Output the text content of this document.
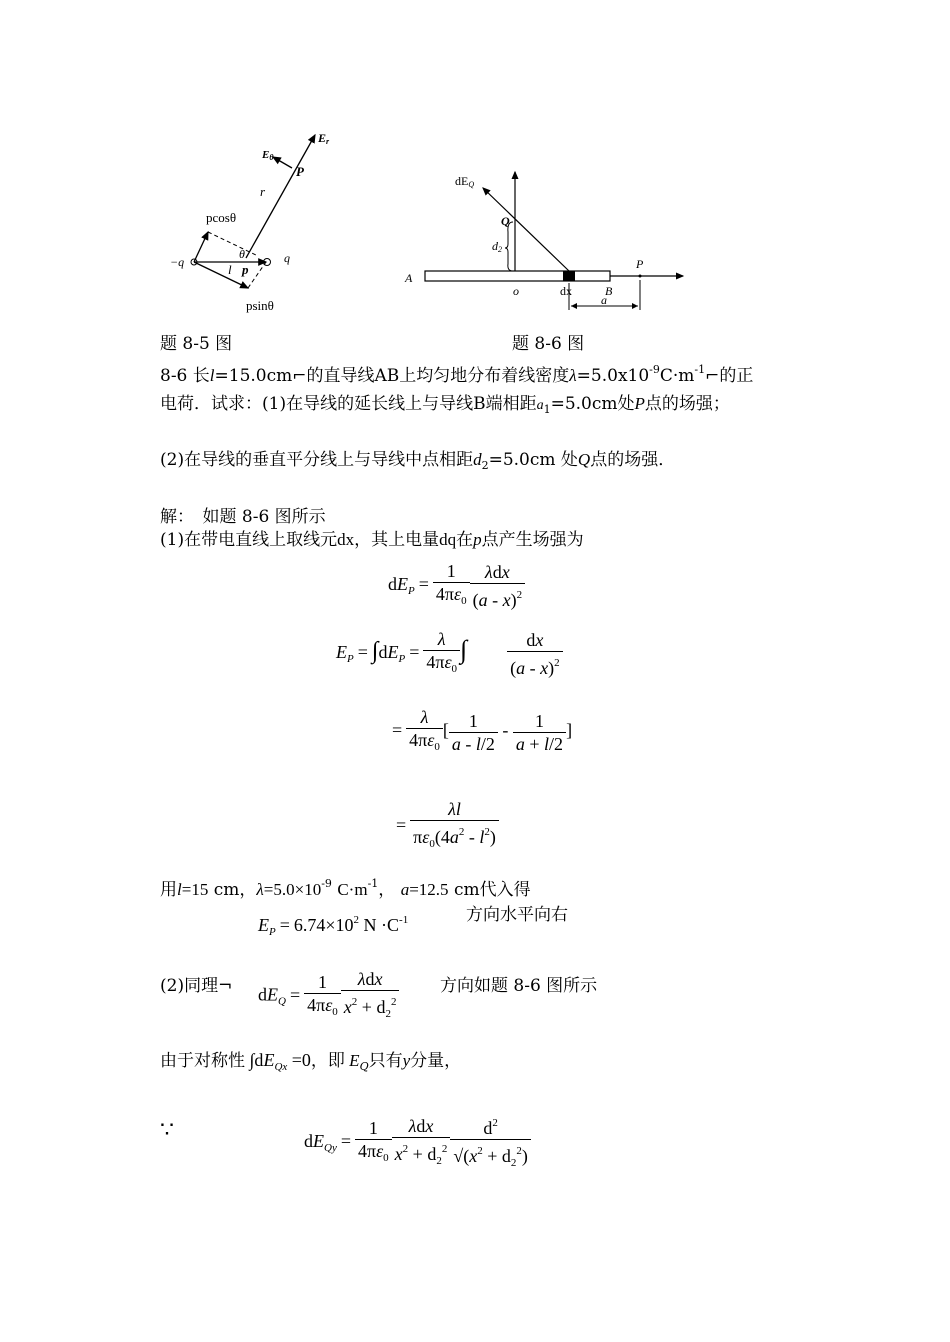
Er
Eθ
P
r
pcosθ
θ
−q	q
l p
psinθ
dEQ
Q
d2
A
P
o	dx	B
a
题 8-5 图	题 8-6 图
8-6 长l=15.0cm⌐的直导线AB上均匀地分布着线密度$\lambda=5.0x10^{-9}C\cdot m^{-1}⌐$的正
电荷．试求：(1)在导线的延长线上与导线B端相距$a_1=5.0cm$处P点的场强；
(2)在导线的垂直平分线上与导线中点相距$d_2=5.0cm$ 处Q点的场强．
解：　如题 8-6 图所示
(1)在带电直线上取线元dx，其上电量dq在p点产生场强为
$dE_P = \frac{1}{4\pi\varepsilon_0} \frac{\text{λdx}}{(a - x)^2}$
$E_P = \int dE_P = \frac{\lambda}{4\pi\varepsilon_0}$ ∫ $\frac{dx}{(a - x)^2}$
= $\frac{\lambda}{4\pi\varepsilon_0}$ [ $\frac{1}{a - l/2} - \frac{1}{a + l/2}$ ]
= $\frac{\lambda l}{\pi\varepsilon_0(4a^2 - l^2)}$
用l=15 cm，$\lambda=5.0\times 10^{-9}$ $C\cdot m^{-1}$， a=12.5 cm代入得
$E_P = 6.74\times 10^2$ $N \cdot C^{-1}$	方向水平向右
(2)同理¬ $dE_Q = \frac{1}{4\pi\varepsilon_0} \frac{\text{λdx}}{x^2 + d_2^2}$ 方向如题 8-6 图所示
由于对称性 $\int dE_{Qx} =0$，即 $E_Q$只有y分量，
∵	$dE_{Qy} = \frac{1}{4\pi\varepsilon_0} \frac{\text{λdx}}{x^2 + d_2^2} \frac{d^2}{√(x^2 + d_2^2)}$
